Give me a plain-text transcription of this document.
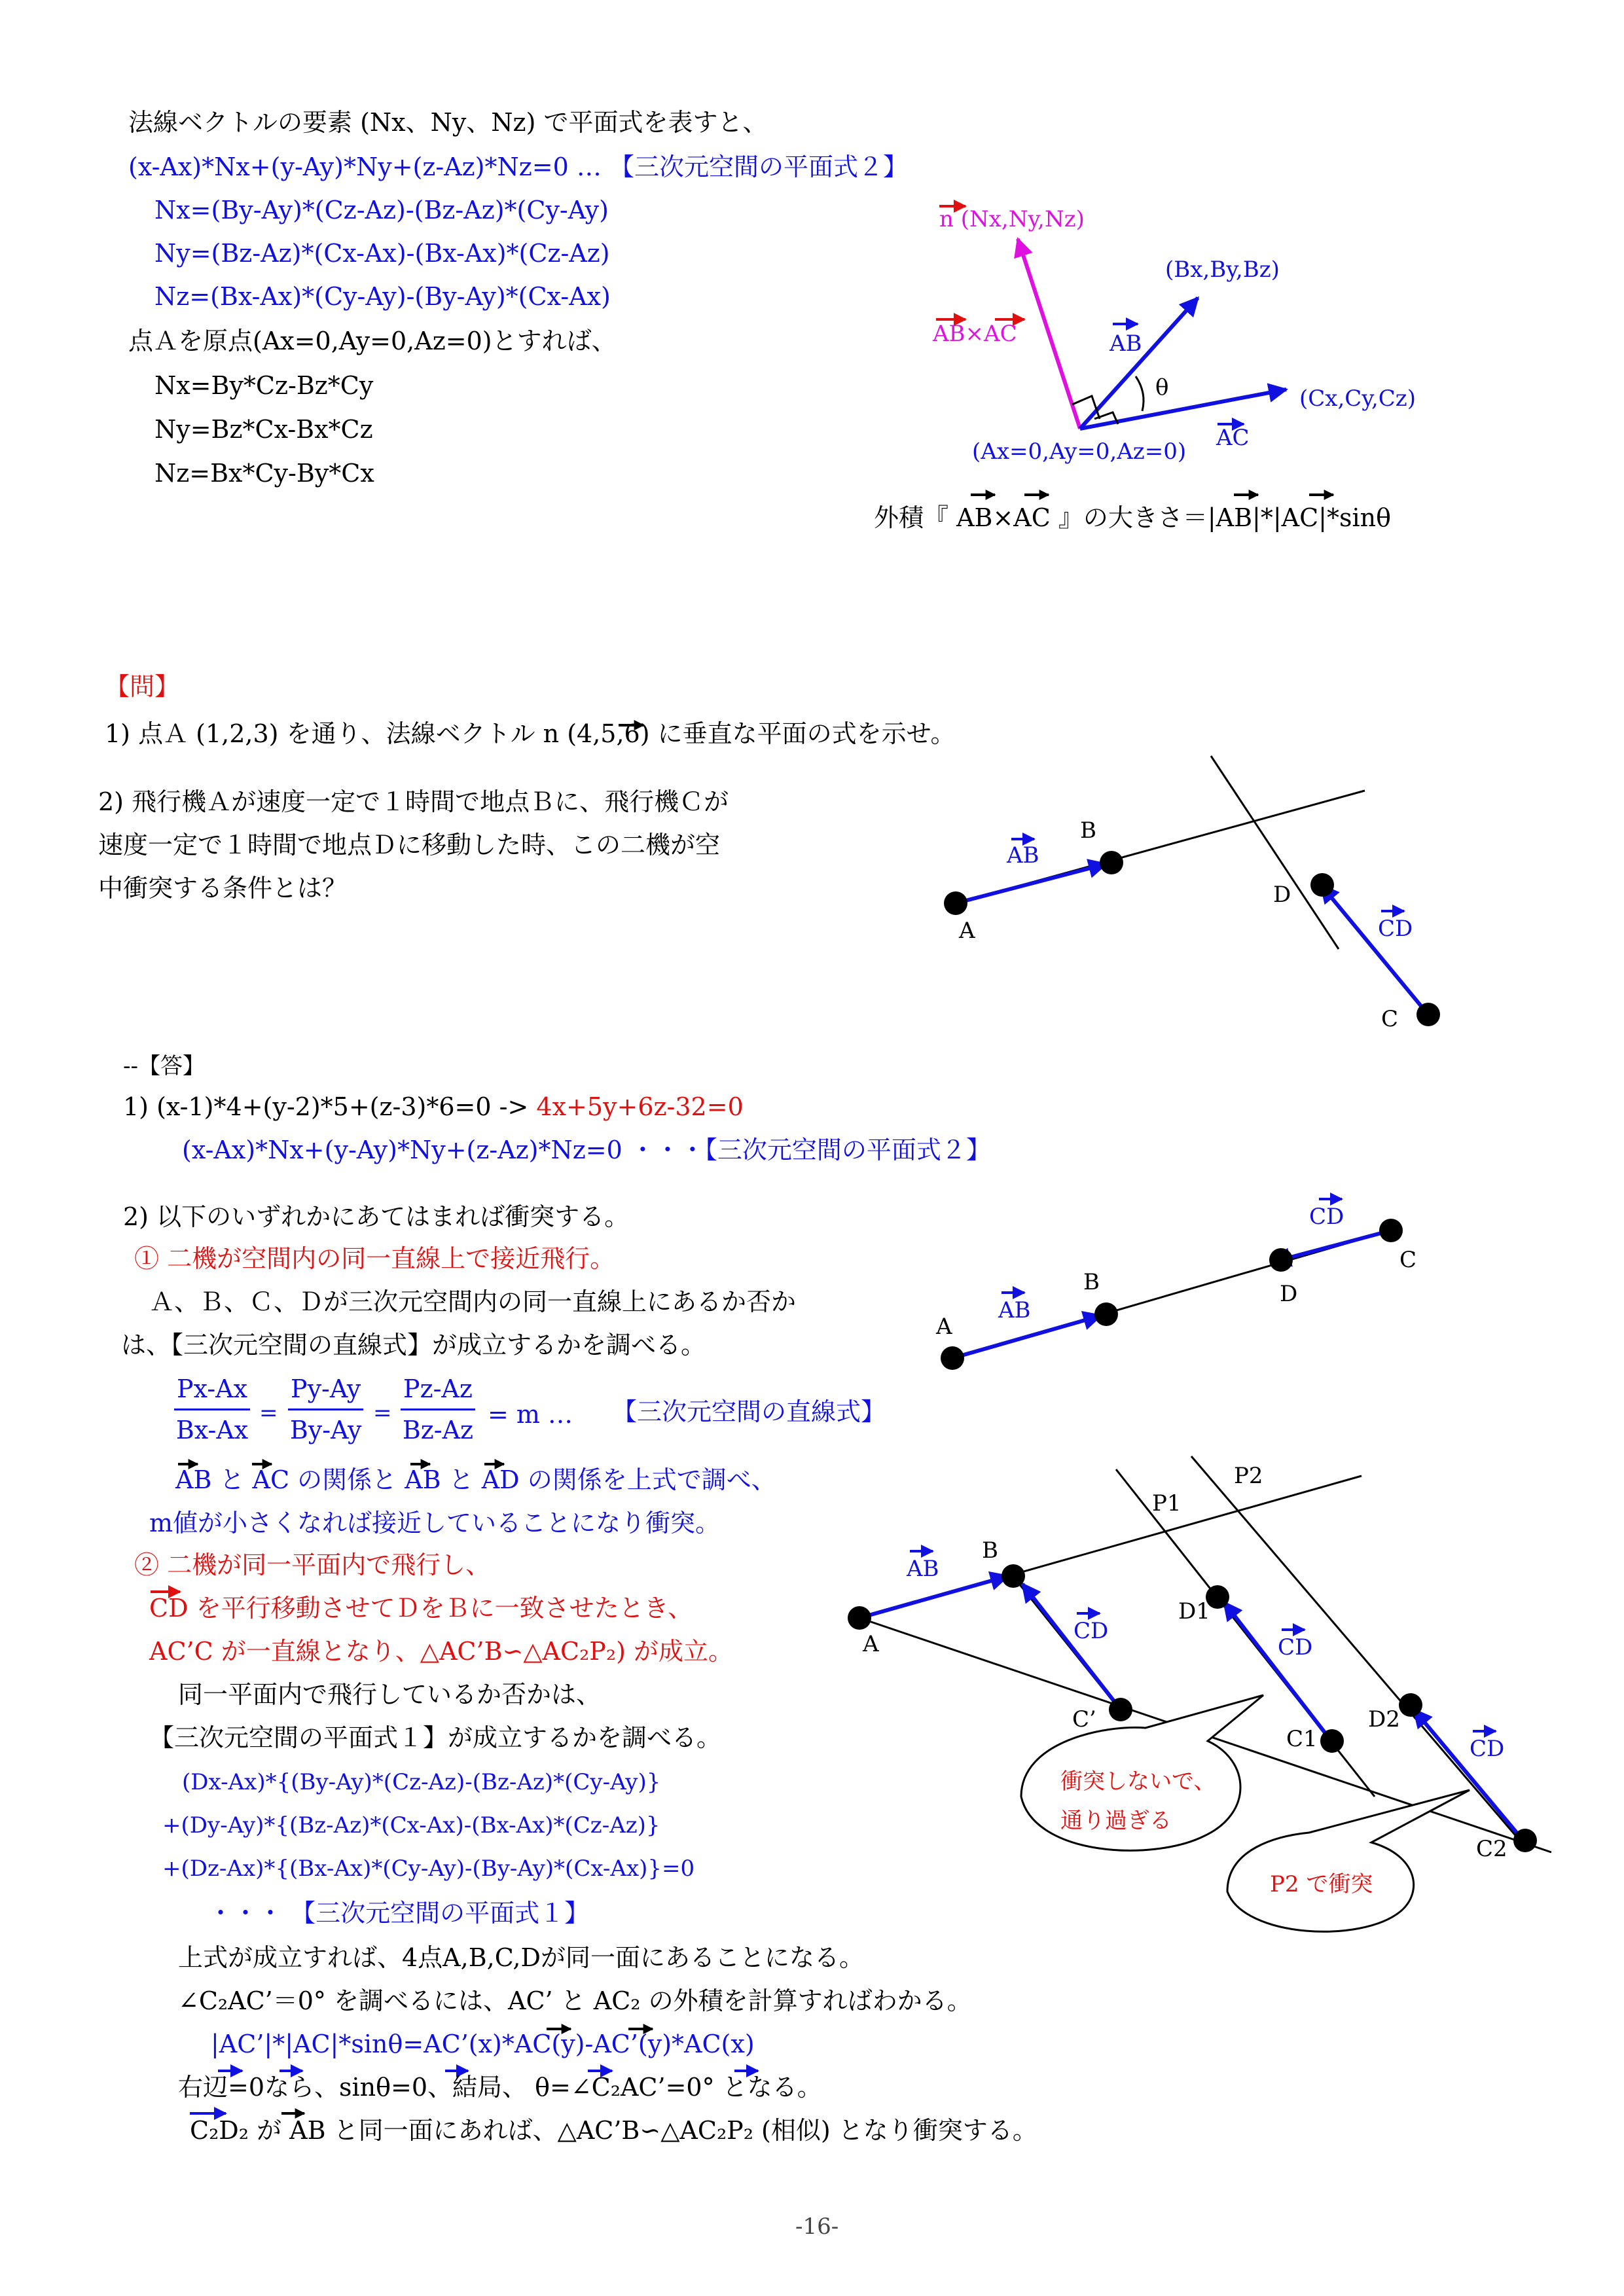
法線ベクトルの要素 (Nx、Ny、Nz) で平面式を表すと、
(x-Ax)*Nx+(y-Ay)*Ny+(z-Az)*Nz=0 … 【三次元空間の平面式２】
Nx=(By-Ay)*(Cz-Az)-(Bz-Az)*(Cy-Ay)
Ny=(Bz-Az)*(Cx-Ax)-(Bx-Ax)*(Cz-Az)
Nz=(Bx-Ax)*(Cy-Ay)-(By-Ay)*(Cx-Ax)
点Ａを原点(Ax=0,Ay=0,Az=0)とすれば、
Nx=By*Cz-Bz*Cy
Ny=Bz*Cx-Bx*Cz
Nz=Bx*Cy-By*Cx
n (Nx,Ny,Nz)
(Bx,By,Bz)
AB×AC	AB
θ	(Cx,Cy,Cz)
(Ax=0,Ay=0,Az=0)
AC
外積『 AB×AC 』の大きさ＝|AB|*|AC|*sinθ
【問】
1) 点Ａ (1,2,3) を通り、法線ベクトル n (4,5,6) に垂直な平面の式を示せ。
2) 飛行機Ａが速度一定で１時間で地点Ｂに、飛行機Ｃが
速度一定で１時間で地点Ｄに移動した時、この二機が空
中衝突する条件とは？
AB
B
A
D
CD
C
--【答】
1) (x-1)*4+(y-2)*5+(z-3)*6=0 -> 4x+5y+6z-32=0
(x-Ax)*Nx+(y-Ay)*Ny+(z-Az)*Nz=0 ・・・【三次元空間の平面式２】
2) 以下のいずれかにあてはまれば衝突する。
① 二機が空間内の同一直線上で接近飛行。
Ａ、Ｂ、Ｃ、Ｄが三次元空間内の同一直線上にあるか否か
は、【三次元空間の直線式】が成立するかを調べる。
$\frac{Px-Ax}{Bx-Ax} = \frac{Py-Ay}{By-Ay} = \frac{Pz-Az}{Bz-Az} = m$ … 【三次元空間の直線式】
AB と AC の関係と AB と AD の関係を上式で調べ、
m値が小さくなれば接近していることになり衝突。
② 二機が同一平面内で飛行し、
CD を平行移動させてＤをＢに一致させたとき、
AC’C が一直線となり、△AC’B∽△AC₂P₂) が成立。
同一平面内で飛行しているか否かは、
【三次元空間の平面式１】が成立するかを調べる。
(Dx-Ax)*{(By-Ay)*(Cz-Az)-(Bz-Az)*(Cy-Ay)}
+(Dy-Ay)*{(Bz-Az)*(Cx-Ax)-(Bx-Ax)*(Cz-Az)}
+(Dz-Ax)*{(Bx-Ax)*(Cy-Ay)-(By-Ay)*(Cx-Ax)}=0
・・・ 【三次元空間の平面式１】
上式が成立すれば、4点A,B,C,Dが同一面にあることになる。
∠C₂AC’＝0° を調べるには、AC’ と AC₂ の外積を計算すればわかる。
|AC’|*|AC|*sinθ=AC’(x)*AC(y)-AC’(y)*AC(x)
右辺=0なら、sinθ=0、結局、 θ=∠C₂AC’=0° となる。
C₂D₂ が AB と同一面にあれば、△AC’B∽△AC₂P₂ (相似) となり衝突する。
CD
C
B
AB
D
A
P2
P1
B
AB
D1
A	CD
CD
C’	D2
C1	CD
C2
衝突しないで、
通り過ぎる
P2 で衝突
-16-
